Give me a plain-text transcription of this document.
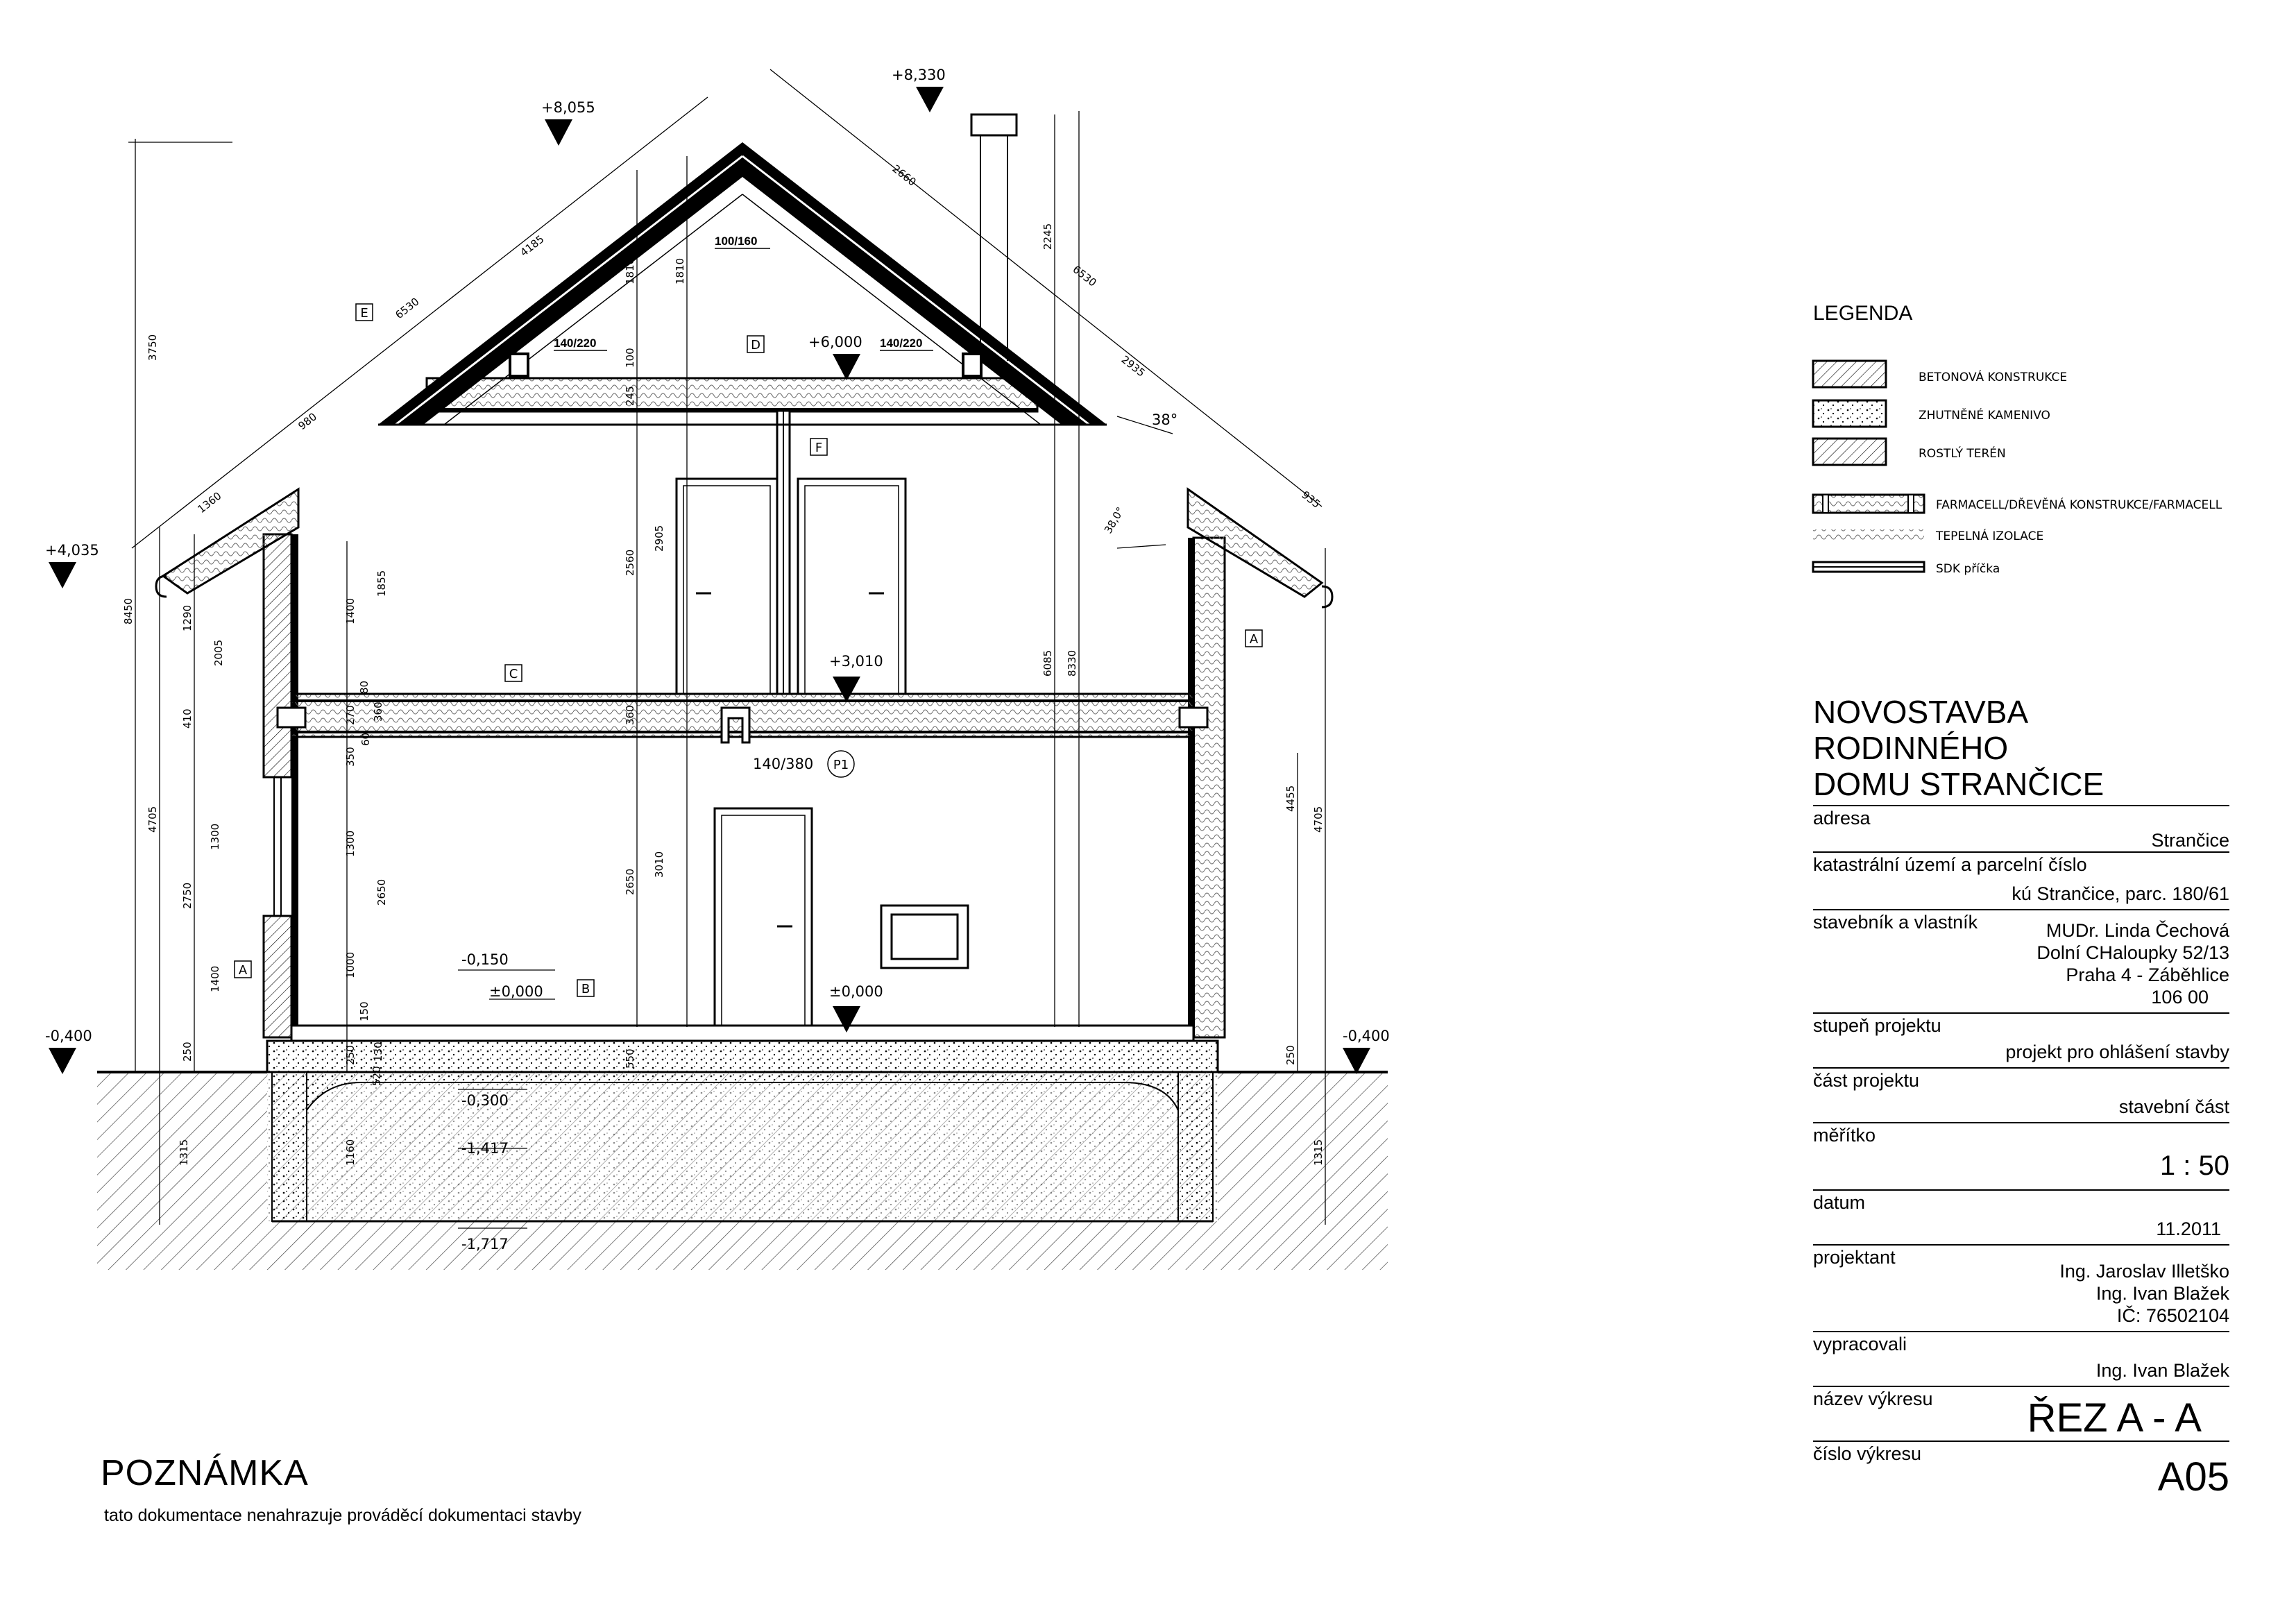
+8,330
+8,055
+6,000
+4,035
+3,010
±0,000
±0,000
-0,400	-0,400
-0,150
-0,300
-1,417
-1,717
E
D
F
A
C
A
B
P1
100/160
140/220	140/220
140/380
38°
38,0°
3750
8450
4705
1315
1290
2005
410
1300
2750
1400
250
1855
1400
80
270 360
350
60
1300
2650
1000
150
250 130
520
1160
6530
4185
980
1360
2660
6530
2935
935
1810	1810
100
245
2560
2905
360
2650
3010
550
2245
6085 8330
4455
4705
250
1315
BETONOVÁ KONSTRUKCE
ZHUTNĚNÉ KAMENIVO
ROSTLÝ TERÉN
FARMACELL/DŘEVĚNÁ KONSTRUKCE/FARMACELL
TEPELNÁ IZOLACE
SDK příčka
LEGENDA
POZNÁMKA
tato dokumentace nenahrazuje prováděcí dokumentaci stavby
NOVOSTAVBA RODINNÉHO
DOMU STRANČICE
adresa
Strančice
katastrální území a parcelní číslo
kú Strančice, parc. 180/61
stavebník a vlastník	MUDr. Linda Čechová
Dolní CHaloupky 52/13
Praha 4 - Záběhlice
106 00
stupeň projektu
projekt pro ohlášení stavby
část projektu
stavební část
měřítko
1 : 50
datum
11.2011
projektant
Ing. Jaroslav Illetško
Ing. Ivan Blažek
IČ: 76502104
vypracovali
Ing. Ivan Blažek
název výkresu	ŘEZ A - A
číslo výkresu
A05
